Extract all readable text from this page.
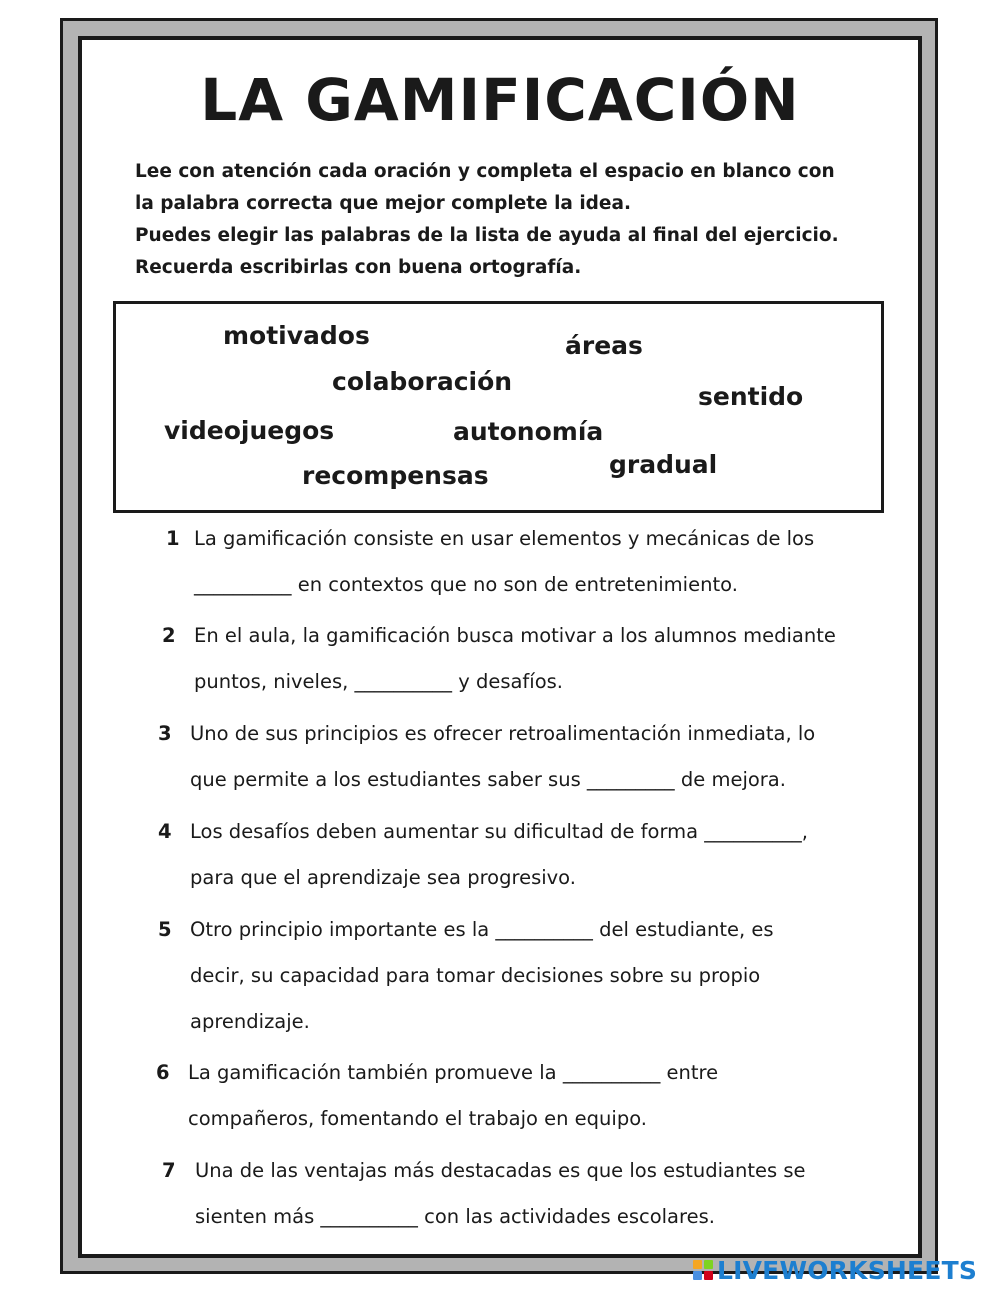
LA GAMIFICACIÓN

Lee con atención cada oración y completa el espacio en blanco con

la palabra correcta que mejor complete la idea.

Puedes elegir las palabras de la lista de ayuda al final del ejercicio.

Recuerda escribirlas con buena ortografía.

motivados	áreas
colaboración
sentido
videojuegos	autonomía
gradual
recompensas
1 La gamificación consiste en usar elementos y mecánicas de los
__________ en contextos que no son de entretenimiento.
2 En el aula, la gamificación busca motivar a los alumnos mediante
puntos, niveles, __________ y desafíos.
3 Uno de sus principios es ofrecer retroalimentación inmediata, lo
que permite a los estudiantes saber sus _________ de mejora.
4 Los desafíos deben aumentar su dificultad de forma __________,
para que el aprendizaje sea progresivo.
5 Otro principio importante es la __________ del estudiante, es
decir, su capacidad para tomar decisiones sobre su propio
aprendizaje.
6 La gamificación también promueve la __________ entre
compañeros, fomentando el trabajo en equipo.
7 Una de las ventajas más destacadas es que los estudiantes se
sienten más __________ con las actividades escolares.
LIVEWORKSHEETS
